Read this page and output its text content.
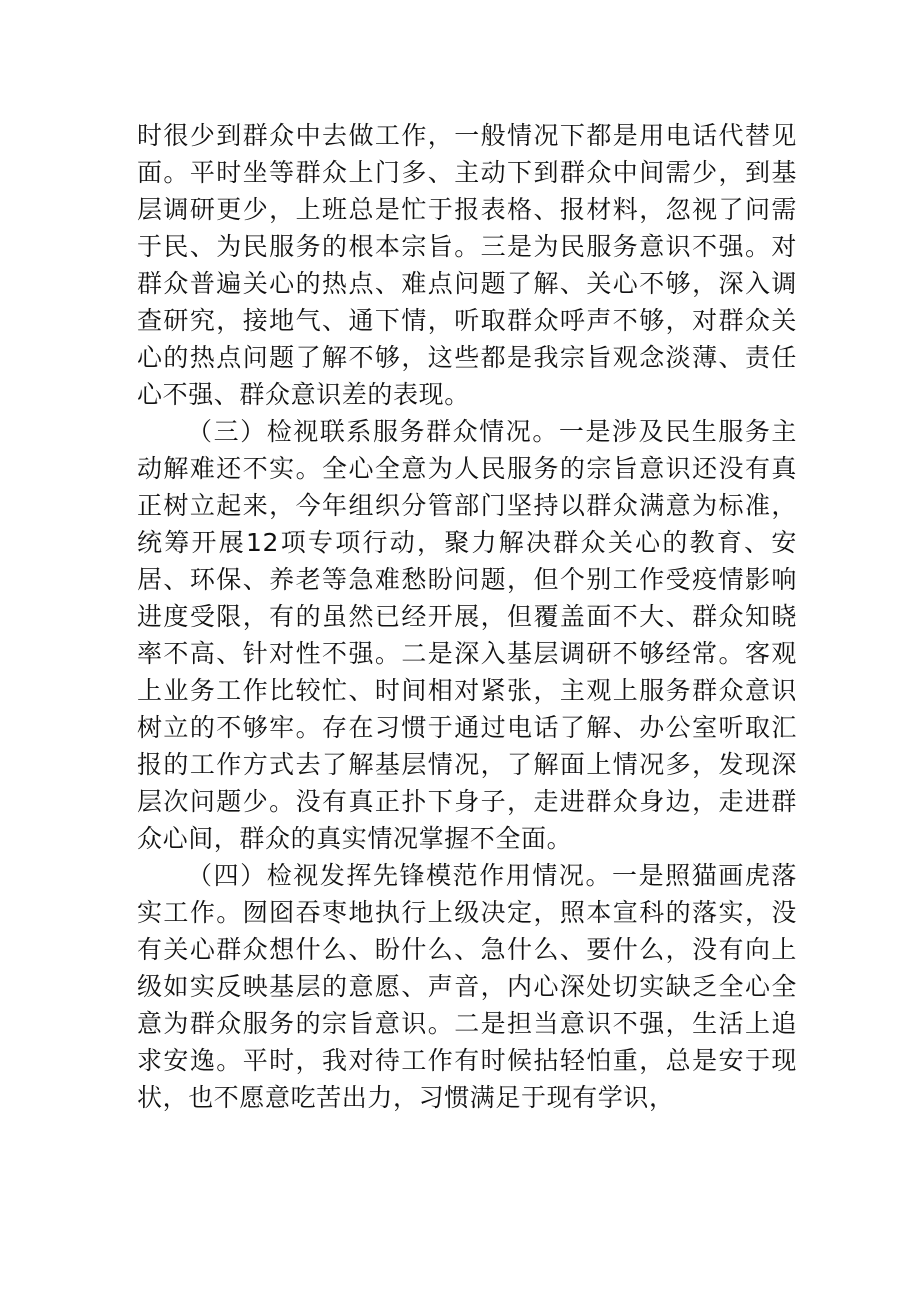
时很少到群众中去做工作，一般情况下都是用电话代替见面。平时坐等群众上门多、主动下到群众中间需少，到基层调研更少，上班总是忙于报表格、报材料，忽视了问需于民、为民服务的根本宗旨。三是为民服务意识不强。对群众普遍关心的热点、难点问题了解、关心不够，深入调查研究，接地气、通下情，听取群众呼声不够，对群众关心的热点问题了解不够，这些都是我宗旨观念淡薄、责任心不强、群众意识差的表现。

（三）检视联系服务群众情况。一是涉及民生服务主动解难还不实。全心全意为人民服务的宗旨意识还没有真正树立起来，今年组织分管部门坚持以群众满意为标准，统筹开展12项专项行动，聚力解决群众关心的教育、安居、环保、养老等急难愁盼问题，但个别工作受疫情影响进度受限，有的虽然已经开展，但覆盖面不大、群众知晓率不高、针对性不强。二是深入基层调研不够经常。客观上业务工作比较忙、时间相对紧张，主观上服务群众意识树立的不够牢。存在习惯于通过电话了解、办公室听取汇报的工作方式去了解基层情况，了解面上情况多，发现深层次问题少。没有真正扑下身子，走进群众身边，走进群众心间，群众的真实情况掌握不全面。

（四）检视发挥先锋模范作用情况。一是照猫画虎落实工作。囫囵吞枣地执行上级决定，照本宣科的落实，没有关心群众想什么、盼什么、急什么、要什么，没有向上级如实反映基层的意愿、声音，内心深处切实缺乏全心全意为群众服务的宗旨意识。二是担当意识不强，生活上追求安逸。平时，我对待工作有时候拈轻怕重，总是安于现状，也不愿意吃苦出力，习惯满足于现有学识，
